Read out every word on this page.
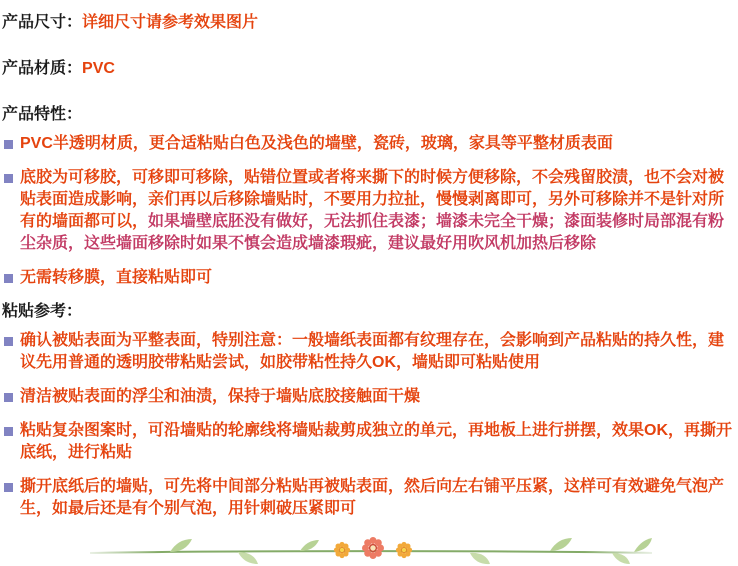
产品尺寸：详细尺寸请参考效果图片
产品材质：PVC
产品特性：
PVC半透明材质，更合适粘贴白色及浅色的墙壁，瓷砖，玻璃，家具等平整材质表面
底胶为可移胶，可移即可移除，贴错位置或者将来撕下的时候方便移除，不会残留胶渍，也不会对被贴表面造成影响，亲们再以后移除墙贴时，不要用力拉扯，慢慢剥离即可，另外可移除并不是针对所有的墙面都可以，如果墙壁底胚没有做好，无法抓住表漆；墙漆未完全干燥；漆面装修时局部混有粉尘杂质，这些墙面移除时如果不慎会造成墙漆瑕疵，建议最好用吹风机加热后移除
无需转移膜，直接粘贴即可
粘贴参考：
确认被贴表面为平整表面，特别注意：一般墙纸表面都有纹理存在，会影响到产品粘贴的持久性，建议先用普通的透明胶带粘贴尝试，如胶带粘性持久OK，墙贴即可粘贴使用
清洁被贴表面的浮尘和油渍，保持于墙贴底胶接触面干燥
粘贴复杂图案时，可沿墙贴的轮廓线将墙贴裁剪成独立的单元，再地板上进行拼摆，效果OK，再撕开底纸，进行粘贴
撕开底纸后的墙贴，可先将中间部分粘贴再被贴表面，然后向左右铺平压紧，这样可有效避免气泡产生，如最后还是有个别气泡，用针刺破压紧即可
